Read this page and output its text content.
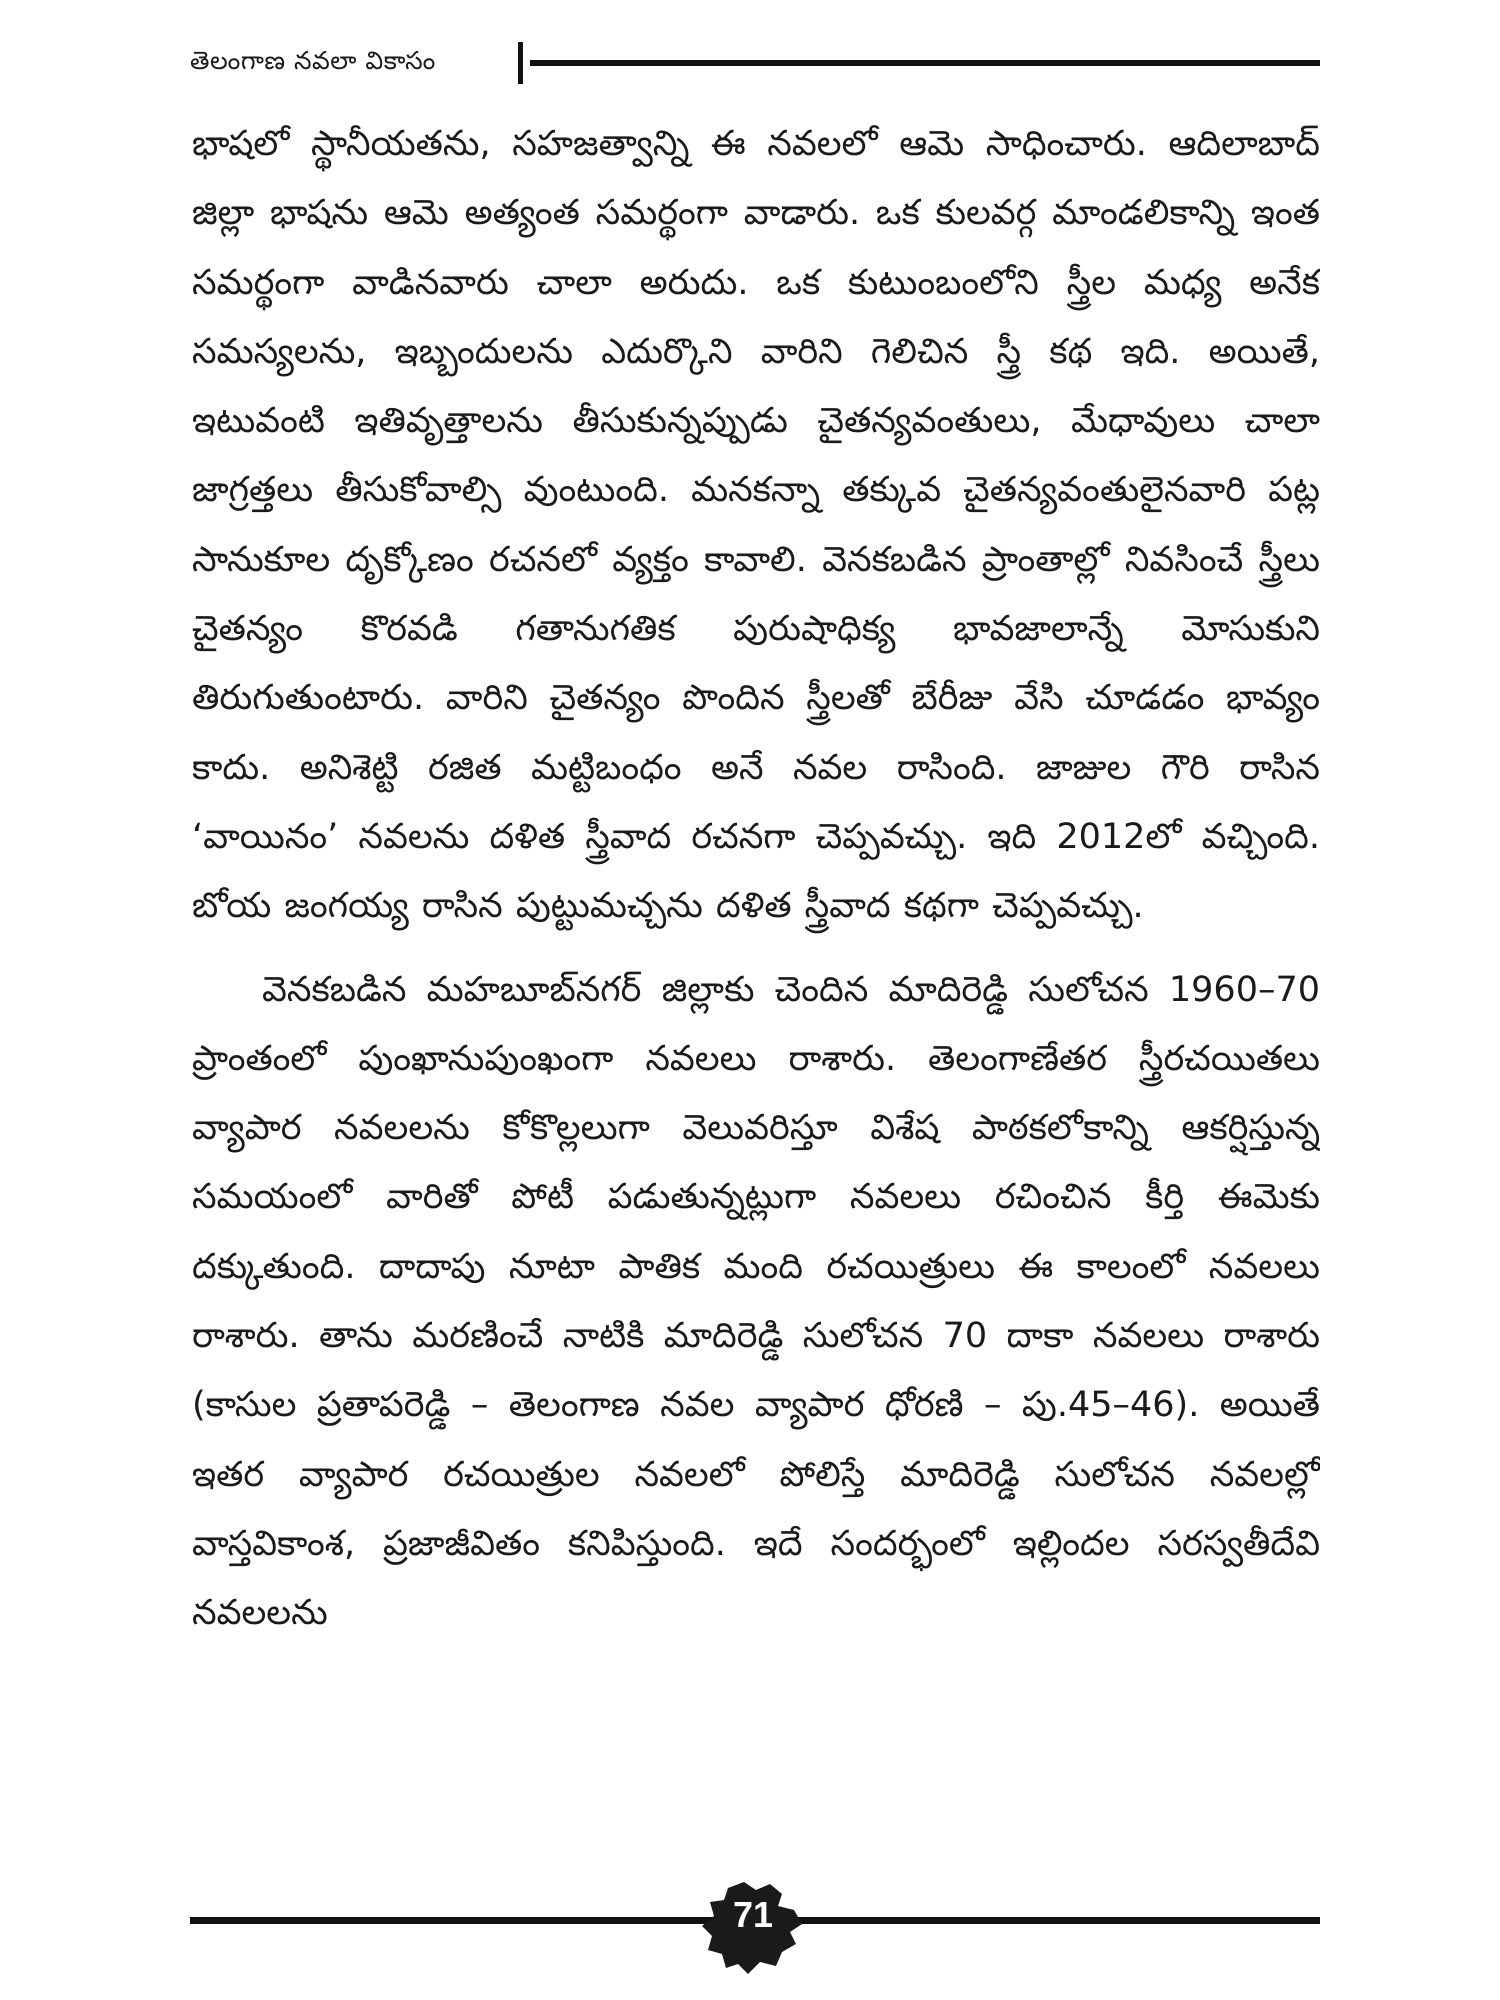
తెలంగాణ నవలా వికాసం

భాషలో స్థానీయతను, సహజత్వాన్ని ఈ నవలలో ఆమె సాధించారు. ఆదిలాబాద్ జిల్లా భాషను ఆమె అత్యంత సమర్థంగా వాడారు. ఒక కులవర్గ మాండలికాన్ని ఇంత సమర్థంగా వాడినవారు చాలా అరుదు. ఒక కుటుంబంలోని స్త్రీల మధ్య అనేక సమస్యలను, ఇబ్బందులను ఎదుర్కొని వారిని గెలిచిన స్త్రీ కథ ఇది. అయితే, ఇటువంటి ఇతివృత్తాలను తీసుకున్నప్పుడు చైతన్యవంతులు, మేధావులు చాలా జాగ్రత్తలు తీసుకోవాల్సి వుంటుంది. మనకన్నా తక్కువ చైతన్యవంతులైనవారి పట్ల సానుకూల దృక్కోణం రచనలో వ్యక్తం కావాలి. వెనకబడిన ప్రాంతాల్లో నివసించే స్త్రీలు చైతన్యం కొరవడి గతానుగతిక పురుషాధిక్య భావజాలాన్నే మోసుకుని తిరుగుతుంటారు. వారిని చైతన్యం పొందిన స్త్రీలతో బేరీజు వేసి చూడడం భావ్యం కాదు. అనిశెట్టి రజిత మట్టిబంధం అనే నవల రాసింది. జాజుల గౌరి రాసిన ‘వాయినం’ నవలను దళిత స్త్రీవాద రచనగా చెప్పవచ్చు. ఇది 2012లో వచ్చింది. బోయ జంగయ్య రాసిన పుట్టుమచ్చను దళిత స్త్రీవాద కథగా చెప్పవచ్చు.

వెనకబడిన మహబూబ్‌నగర్ జిల్లాకు చెందిన మాదిరెడ్డి సులోచన 1960–70 ప్రాంతంలో పుంఖానుపుంఖంగా నవలలు రాశారు. తెలంగాణేతర స్త్రీరచయితలు వ్యాపార నవలలను కోకొల్లలుగా వెలువరిస్తూ విశేష పాఠకలోకాన్ని ఆకర్షిస్తున్న సమయంలో వారితో పోటీ పడుతున్నట్లుగా నవలలు రచించిన కీర్తి ఈమెకు దక్కుతుంది. దాదాపు నూటా పాతిక మంది రచయిత్రులు ఈ కాలంలో నవలలు రాశారు. తాను మరణించే నాటికి మాదిరెడ్డి సులోచన 70 దాకా నవలలు రాశారు (కాసుల ప్రతాపరెడ్డి – తెలంగాణ నవల వ్యాపార ధోరణి – పు.45–46). అయితే ఇతర వ్యాపార రచయిత్రుల నవలలో పోలిస్తే మాదిరెడ్డి సులోచన నవలల్లో వాస్తవికాంశ, ప్రజాజీవితం కనిపిస్తుంది. ఇదే సందర్భంలో ఇల్లిందల సరస్వతీదేవి నవలలను

71
